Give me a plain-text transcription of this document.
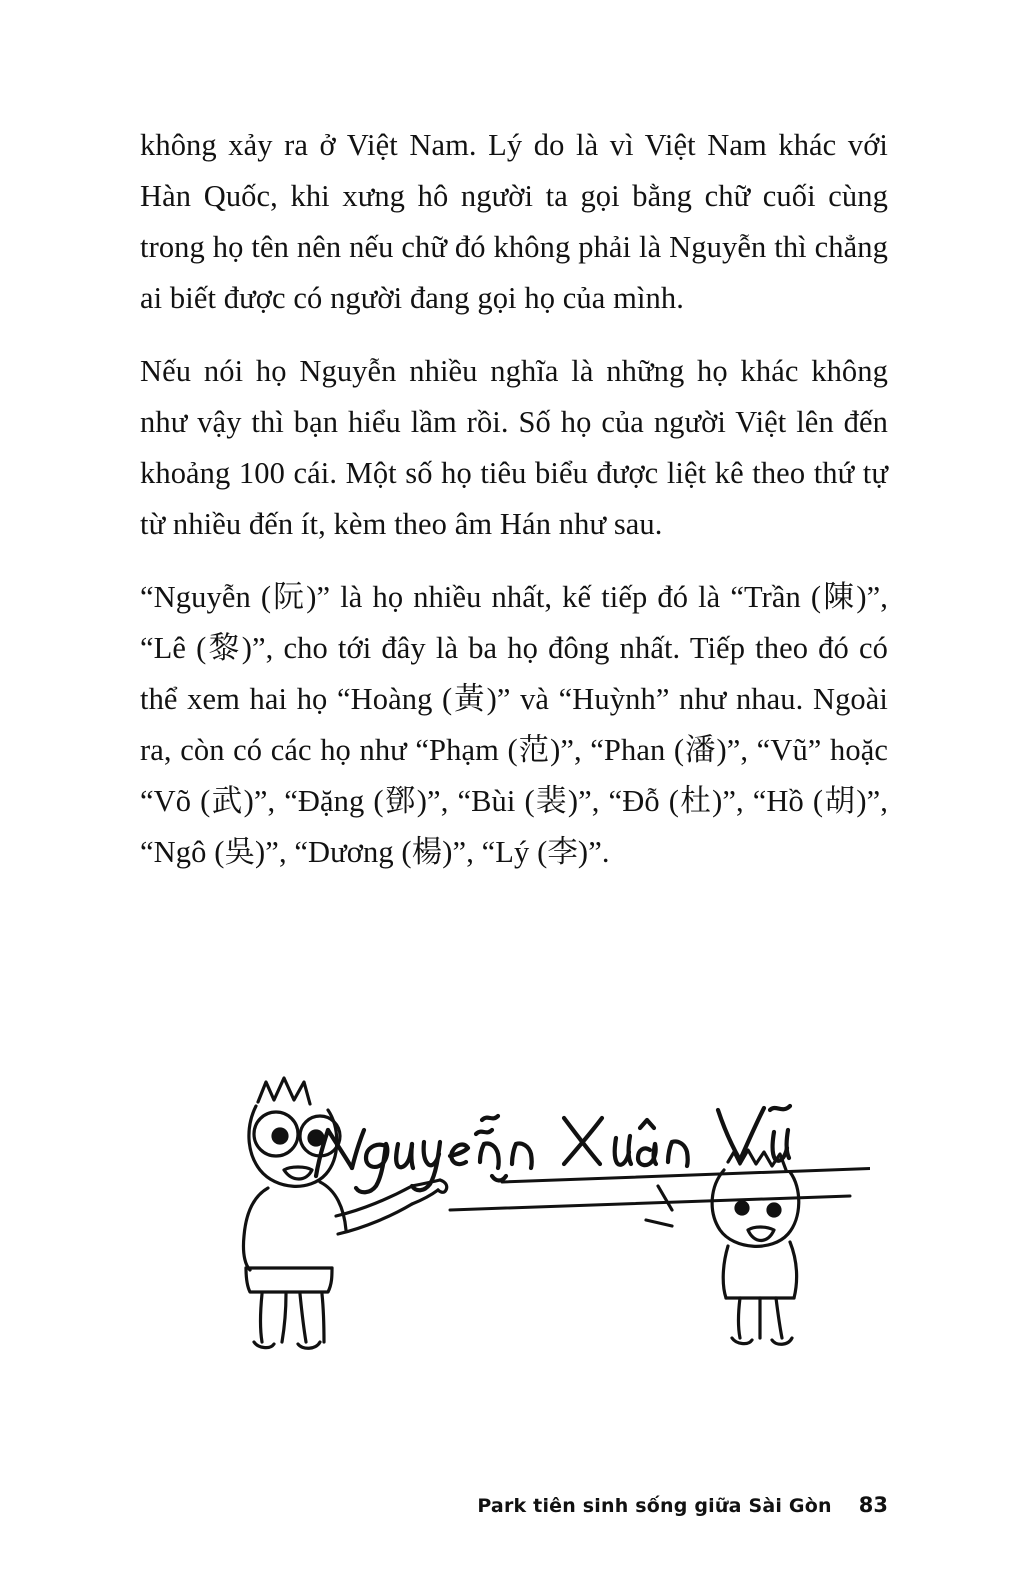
không xảy ra ở Việt Nam. Lý do là vì Việt Nam khác với Hàn Quốc, khi xưng hô người ta gọi bằng chữ cuối cùng trong họ tên nên nếu chữ đó không phải là Nguyễn thì chẳng ai biết được có người đang gọi họ của mình.

Nếu nói họ Nguyễn nhiều nghĩa là những họ khác không như vậy thì bạn hiểu lầm rồi. Số họ của người Việt lên đến khoảng 100 cái. Một số họ tiêu biểu được liệt kê theo thứ tự từ nhiều đến ít, kèm theo âm Hán như sau.

“Nguyễn (阮)” là họ nhiều nhất, kế tiếp đó là “Trần (陳)”, “Lê (黎)”, cho tới đây là ba họ đông nhất. Tiếp theo đó có thể xem hai họ “Hoàng (黃)” và “Huỳnh” như nhau. Ngoài ra, còn có các họ như “Phạm (范)”, “Phan (潘)”, “Vũ” hoặc “Võ (武)”, “Đặng (鄧)”, “Bùi (裴)”, “Đỗ (杜)”, “Hồ (胡)”, “Ngô (吳)”, “Dương (楊)”, “Lý (李)”.

Park tiên sinh sống giữa Sài Gòn 83
